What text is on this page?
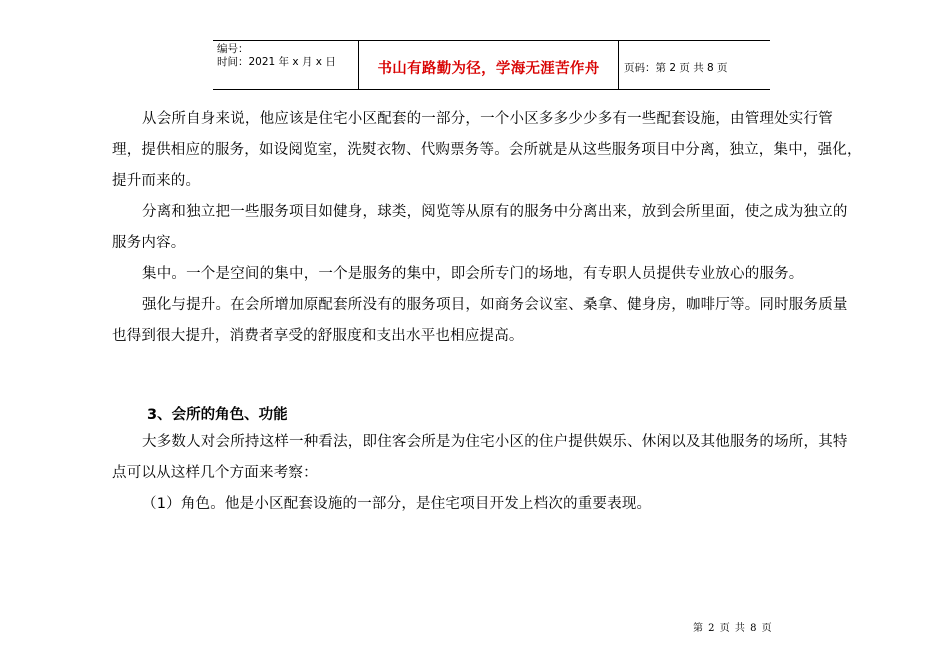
编号：
时间：2021 年 x 月 x 日	书山有路勤为径，学海无涯苦作舟	页码：第 2 页 共 8 页

从会所自身来说，他应该是住宅小区配套的一部分，一个小区多多少少多有一些配套设施，由管理处实行管理，提供相应的服务，如设阅览室，洗熨衣物、代购票务等。会所就是从这些服务项目中分离，独立，集中，强化，提升而来的。

分离和独立把一些服务项目如健身，球类，阅览等从原有的服务中分离出来，放到会所里面，使之成为独立的服务内容。

集中。一个是空间的集中，一个是服务的集中，即会所专门的场地，有专职人员提供专业放心的服务。

强化与提升。在会所增加原配套所没有的服务项目，如商务会议室、桑拿、健身房，咖啡厅等。同时服务质量也得到很大提升，消费者享受的舒服度和支出水平也相应提高。

3、会所的角色、功能

大多数人对会所持这样一种看法，即住客会所是为住宅小区的住户提供娱乐、休闲以及其他服务的场所，其特点可以从这样几个方面来考察：

（1）角色。他是小区配套设施的一部分，是住宅项目开发上档次的重要表现。

第 2 页 共 8 页
